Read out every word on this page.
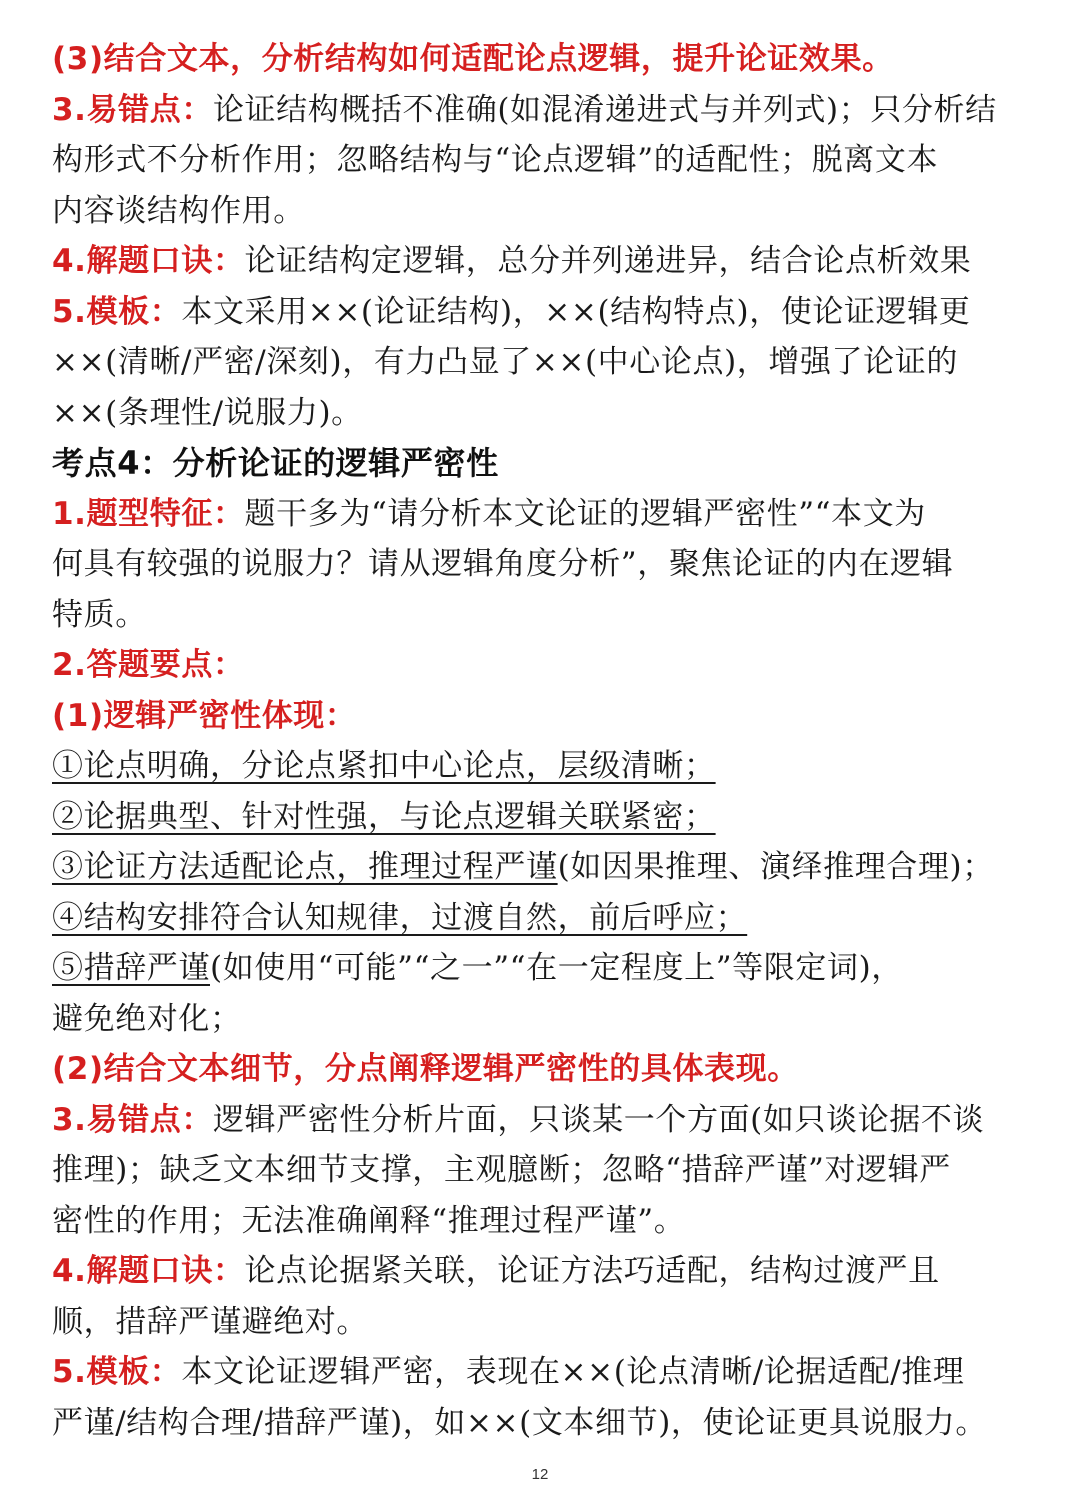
(3)结合文本，分析结构如何适配论点逻辑，提升论证效果。
3.易错点：论证结构概括不准确(如混淆递进式与并列式)；只分析结
构形式不分析作用；忽略结构与“论点逻辑”的适配性；脱离文本
内容谈结构作用。
4.解题口诀：论证结构定逻辑，总分并列递进异，结合论点析效果
5.模板：本文采用××(论证结构)，××(结构特点)，使论证逻辑更
××(清晰/严密/深刻)，有力凸显了××(中心论点)，增强了论证的
××(条理性/说服力)。
考点4：分析论证的逻辑严密性
1.题型特征：题干多为“请分析本文论证的逻辑严密性”“本文为
何具有较强的说服力？请从逻辑角度分析”，聚焦论证的内在逻辑
特质。
2.答题要点：
(1)逻辑严密性体现：
①论点明确，分论点紧扣中心论点，层级清晰；
②论据典型、针对性强，与论点逻辑关联紧密；
③论证方法适配论点，推理过程严谨(如因果推理、演绎推理合理)；
④结构安排符合认知规律，过渡自然，前后呼应；
⑤措辞严谨(如使用“可能”“之一”“在一定程度上”等限定词)，
避免绝对化；
(2)结合文本细节，分点阐释逻辑严密性的具体表现。
3.易错点：逻辑严密性分析片面，只谈某一个方面(如只谈论据不谈
推理)；缺乏文本细节支撑，主观臆断；忽略“措辞严谨”对逻辑严
密性的作用；无法准确阐释“推理过程严谨”。
4.解题口诀：论点论据紧关联，论证方法巧适配，结构过渡严且
顺，措辞严谨避绝对。
5.模板：本文论证逻辑严密，表现在××(论点清晰/论据适配/推理
严谨/结构合理/措辞严谨)，如××(文本细节)，使论证更具说服力。
12
